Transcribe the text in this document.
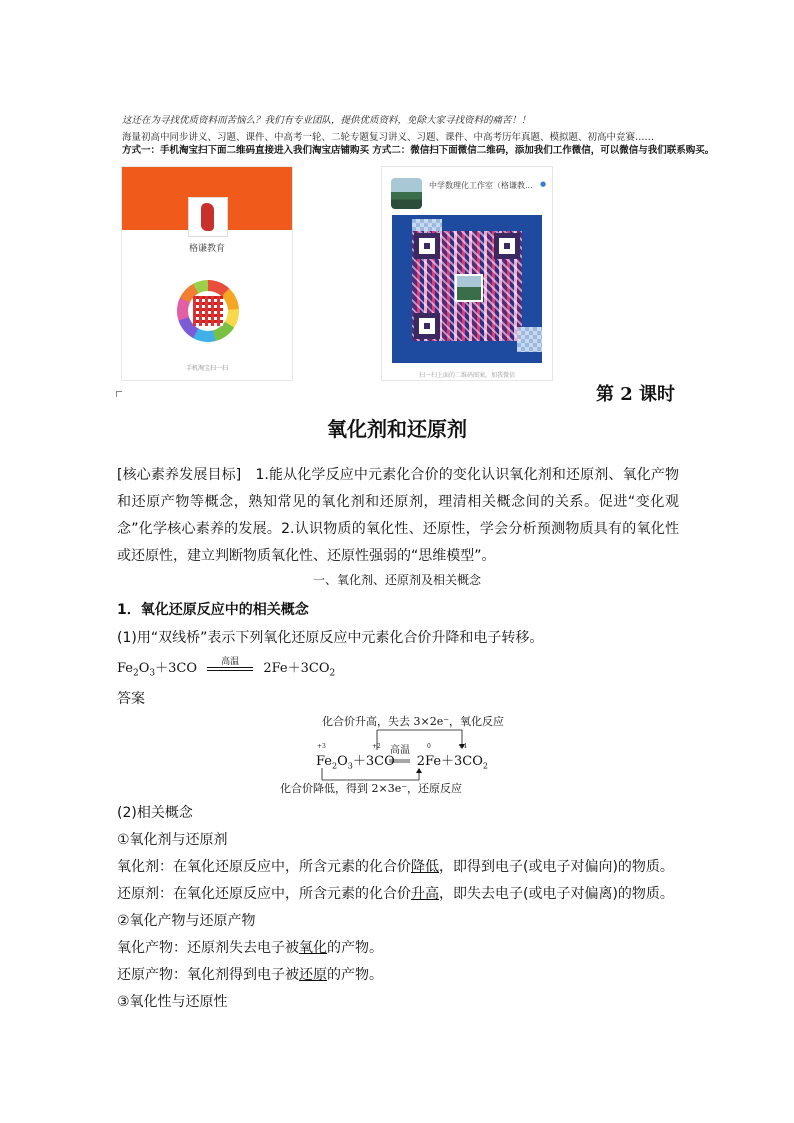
这还在为寻找优质资料而苦恼么？我们有专业团队，提供优质资料，免除大家寻找资料的痛苦！！
海量初高中同步讲义、习题、课件、中高考一轮、二轮专题复习讲义、习题、课件、中高考历年真题、模拟题、初高中竞赛……
方式一：手机淘宝扫下面二维码直接进入我们淘宝店铺购买 方式二：微信扫下面微信二维码，添加我们工作微信，可以微信与我们联系购买。
格谦教育
手机淘宝扫一扫
中学数理化工作室（格谦教... ●
扫一扫上面的二维码图案，加我微信
第 2 课时
氧化剂和还原剂
[核心素养发展目标]　1.能从化学反应中元素化合价的变化认识氧化剂和还原剂、氧化产物和还原产物等概念，熟知常见的氧化剂和还原剂，理清相关概念间的关系。促进“变化观念”化学核心素养的发展。2.认识物质的氧化性、还原性，学会分析预测物质具有的氧化性或还原性，建立判断物质氧化性、还原性强弱的“思维模型”。
一、氧化剂、还原剂及相关概念
1．氧化还原反应中的相关概念
(1)用“双线桥”表示下列氧化还原反应中元素化合价升降和电子转移。
$Fe_2O_3+3CO$	高温	$2Fe+3CO_2$
答案
化合价升高，失去 3×2e⁻，氧化反应
+3	+2	0	+4
高温
$Fe_2O_3+3CO$ $2Fe+3CO_2$
化合价降低，得到 2×3e⁻，还原反应
(2)相关概念
①氧化剂与还原剂
氧化剂：在氧化还原反应中，所含元素的化合价降低，即得到电子(或电子对偏向)的物质。
还原剂：在氧化还原反应中，所含元素的化合价升高，即失去电子(或电子对偏离)的物质。
②氧化产物与还原产物
氧化产物：还原剂失去电子被氧化的产物。
还原产物：氧化剂得到电子被还原的产物。
③氧化性与还原性
